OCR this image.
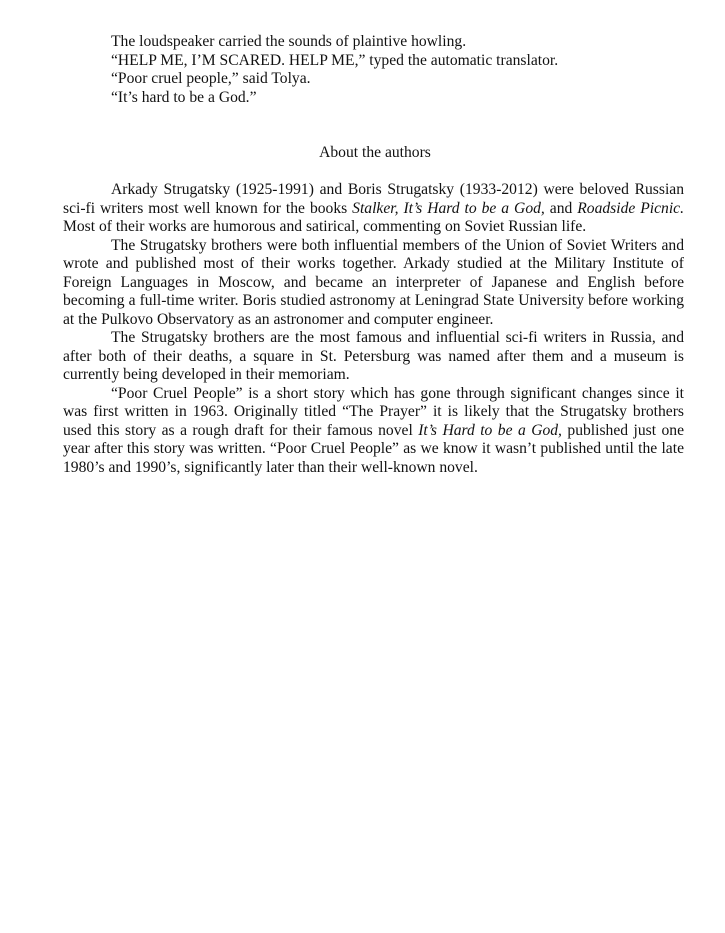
The loudspeaker carried the sounds of plaintive howling.

“HELP ME, I’M SCARED. HELP ME,” typed the automatic translator.

“Poor cruel people,” said Tolya.

“It’s hard to be a God.”

About the authors

Arkady Strugatsky (1925-1991) and Boris Strugatsky (1933-2012) were beloved Russian sci-fi writers most well known for the books Stalker, It’s Hard to be a God, and Roadside Picnic. Most of their works are humorous and satirical, commenting on Soviet Russian life.

The Strugatsky brothers were both influential members of the Union of Soviet Writers and wrote and published most of their works together. Arkady studied at the Military Institute of Foreign Languages in Moscow, and became an interpreter of Japanese and English before becoming a full-time writer. Boris studied astronomy at Leningrad State University before working at the Pulkovo Observatory as an astronomer and computer engineer.

The Strugatsky brothers are the most famous and influential sci-fi writers in Russia, and after both of their deaths, a square in St. Petersburg was named after them and a museum is currently being developed in their memoriam.

“Poor Cruel People” is a short story which has gone through significant changes since it was first written in 1963. Originally titled “The Prayer” it is likely that the Strugatsky brothers used this story as a rough draft for their famous novel It’s Hard to be a God, published just one year after this story was written. “Poor Cruel People” as we know it wasn’t published until the late 1980’s and 1990’s, significantly later than their well-known novel.
